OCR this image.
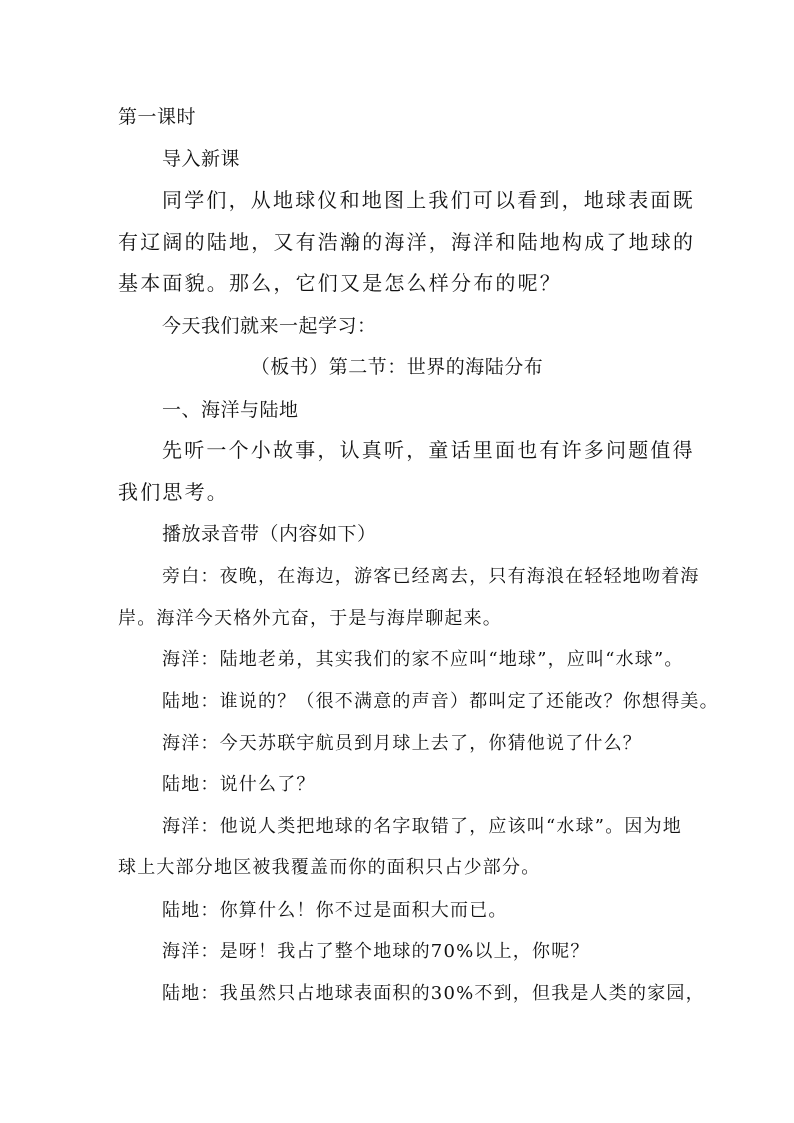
第一课时
导入新课
同学们，从地球仪和地图上我们可以看到，地球表面既
有辽阔的陆地，又有浩瀚的海洋，海洋和陆地构成了地球的
基本面貌。那么，它们又是怎么样分布的呢？
今天我们就来一起学习：
（板书）第二节：世界的海陆分布
一、海洋与陆地
先听一个小故事，认真听，童话里面也有许多问题值得
我们思考。
播放录音带（内容如下）
旁白：夜晚，在海边，游客已经离去，只有海浪在轻轻地吻着海
岸。海洋今天格外亢奋，于是与海岸聊起来。
海洋：陆地老弟，其实我们的家不应叫“地球”，应叫“水球”。
陆地：谁说的？（很不满意的声音）都叫定了还能改？你想得美。
海洋：今天苏联宇航员到月球上去了，你猜他说了什么？
陆地：说什么了？
海洋：他说人类把地球的名字取错了，应该叫“水球”。因为地
球上大部分地区被我覆盖而你的面积只占少部分。
陆地：你算什么！你不过是面积大而已。
海洋：是呀！我占了整个地球的70%以上，你呢？
陆地：我虽然只占地球表面积的30%不到，但我是人类的家园，
